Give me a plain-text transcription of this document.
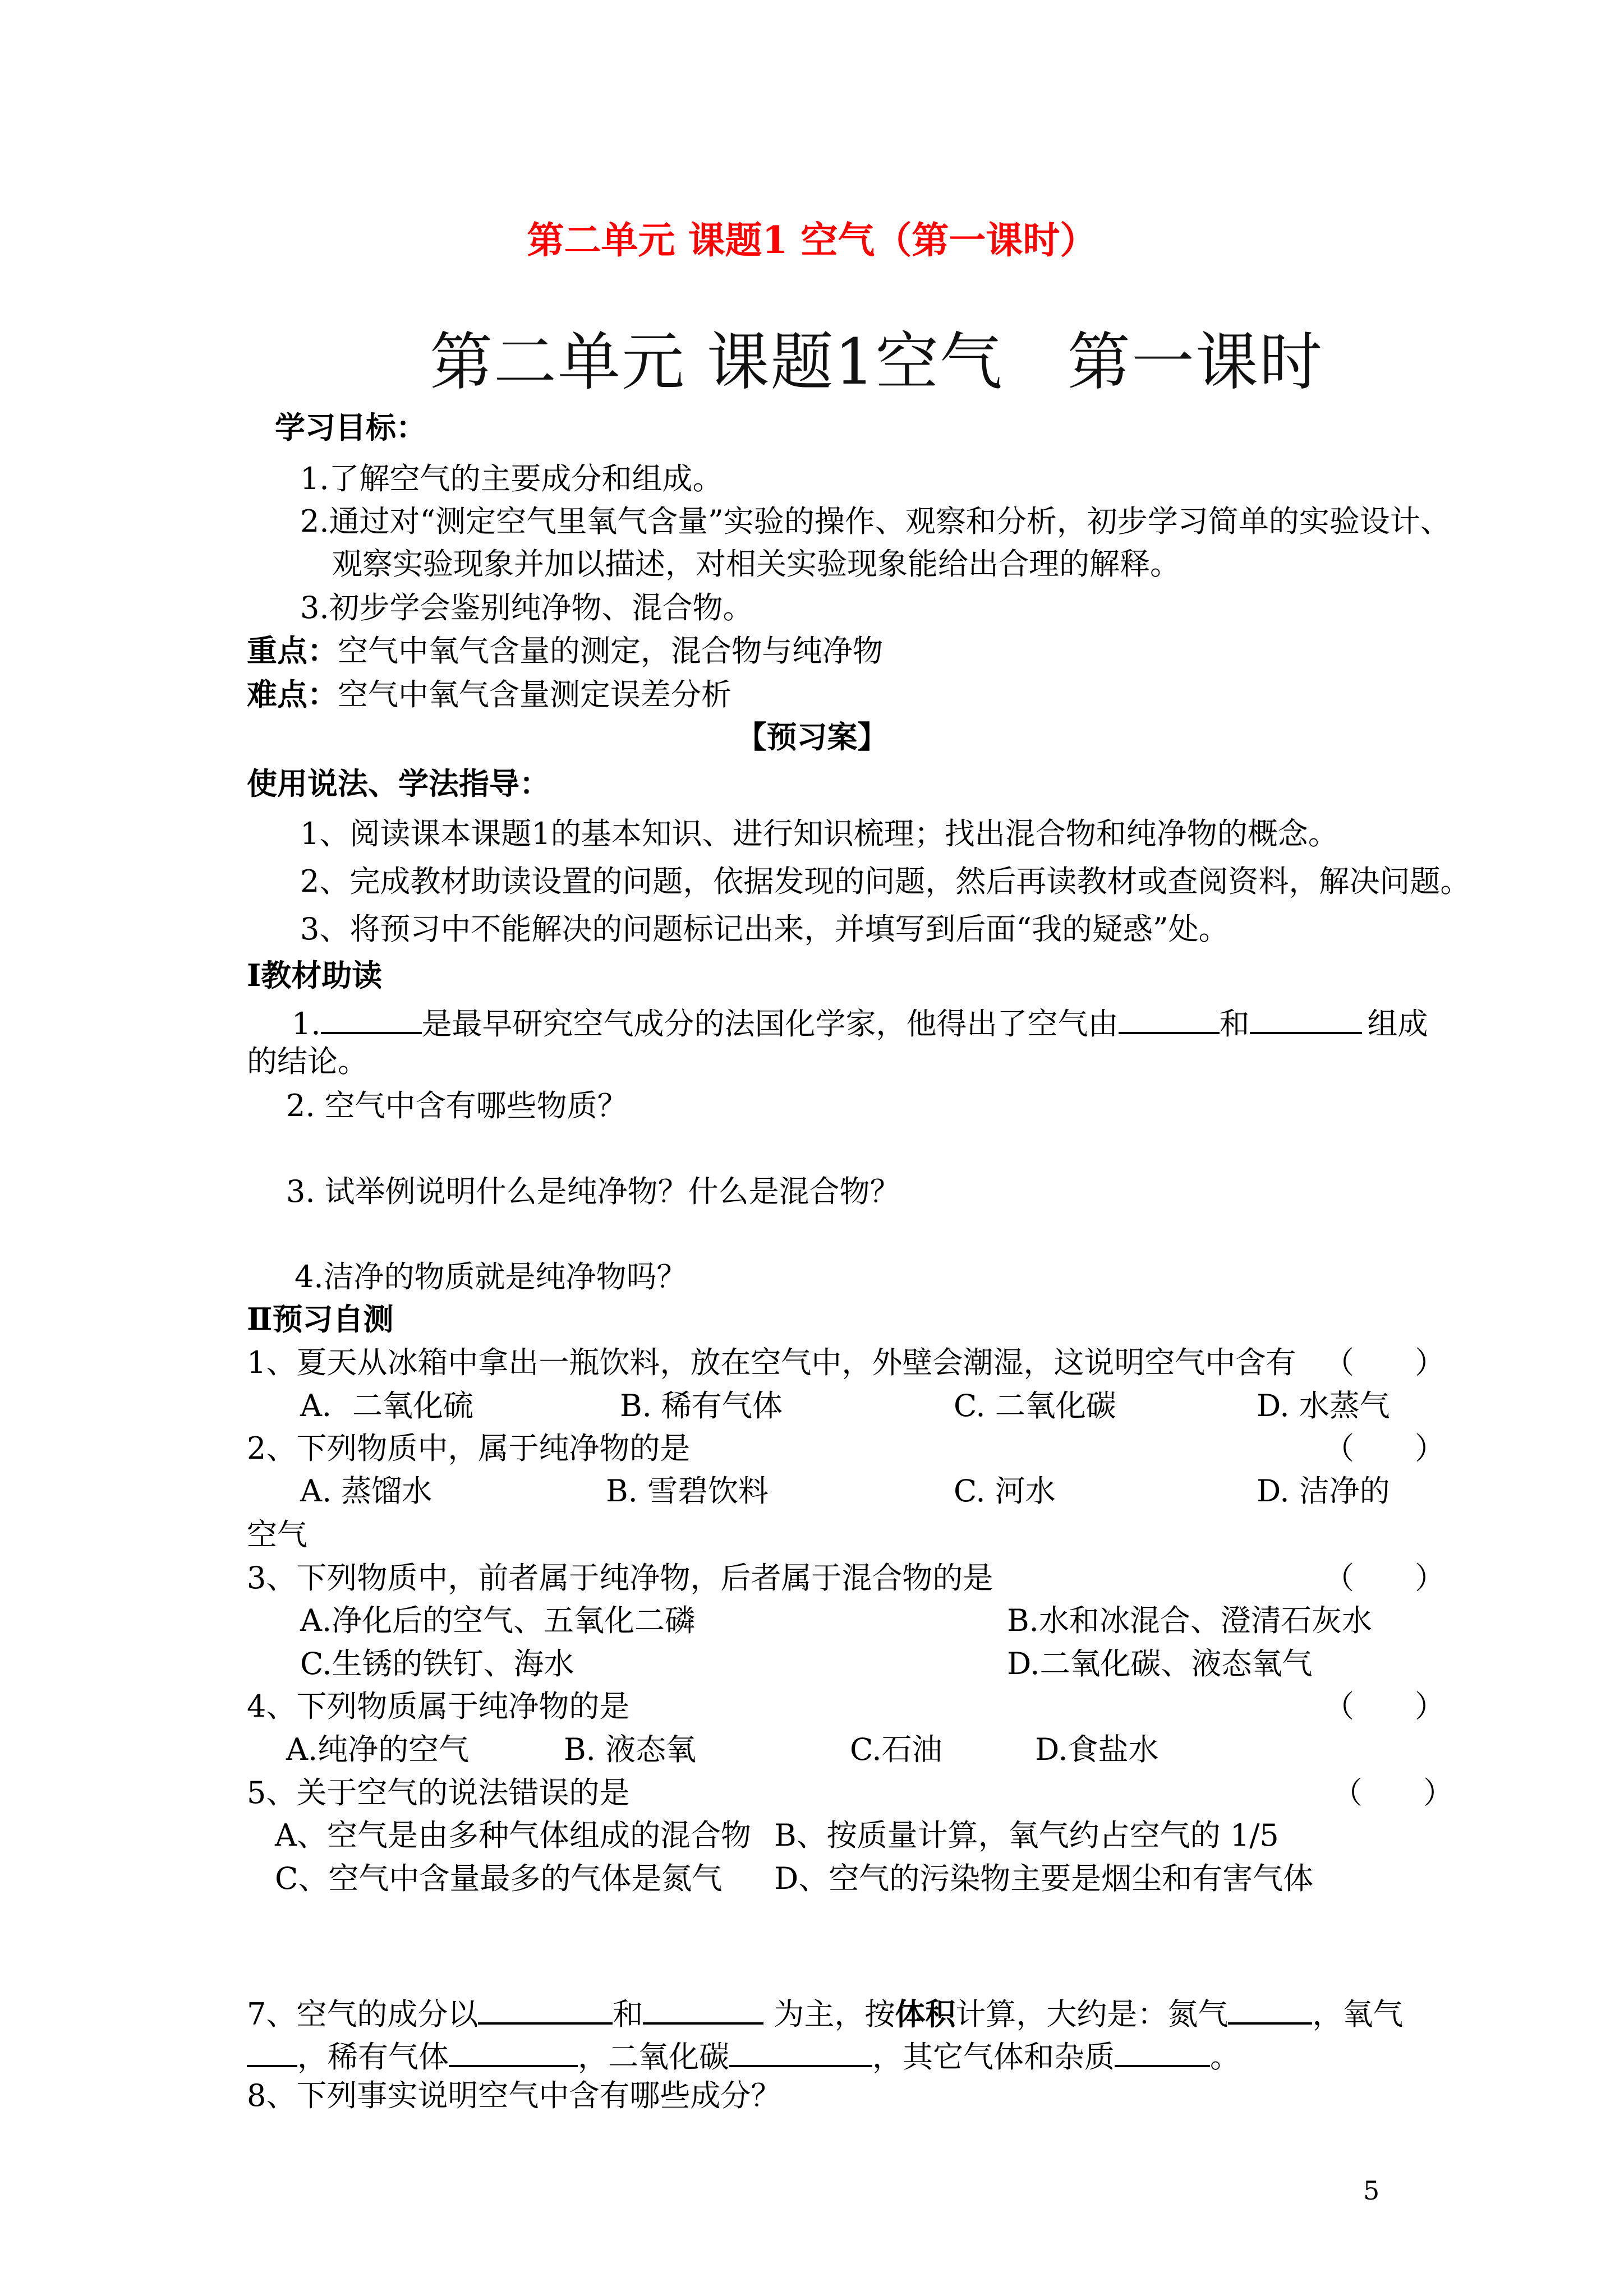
第二单元 课题1 空气（第一课时）
第二单元 课题1空气　第一课时
学习目标：
1.了解空气的主要成分和组成。
2.通过对“测定空气里氧气含量”实验的操作、观察和分析，初步学习简单的实验设计、
观察实验现象并加以描述，对相关实验现象能给出合理的解释。
3.初步学会鉴别纯净物、混合物。
重点：空气中氧气含量的测定，混合物与纯净物
难点：空气中氧气含量测定误差分析
【预习案】
使用说法、学法指导：
1、阅读课本课题1的基本知识、进行知识梳理；找出混合物和纯净物的概念。
2、完成教材助读设置的问题，依据发现的问题，然后再读教材或查阅资料，解决问题。
3、将预习中不能解决的问题标记出来，并填写到后面“我的疑惑”处。
Ⅰ教材助读
1.	是最早研究空气成分的法国化学家，他得出了空气由	和	组成
的结论。
2. 空气中含有哪些物质？
3. 试举例说明什么是纯净物？什么是混合物？
4.洁净的物质就是纯净物吗？
Ⅱ预习自测
1、夏天从冰箱中拿出一瓶饮料，放在空气中，外壁会潮湿，这说明空气中含有 （　　）
A．二氧化硫	B. 稀有气体	C. 二氧化碳	D. 水蒸气
2、下列物质中，属于纯净物的是	（　　）
A. 蒸馏水	B. 雪碧饮料	C. 河水	D. 洁净的
空气
3、下列物质中，前者属于纯净物，后者属于混合物的是	（　　）
A.净化后的空气、五氧化二磷	B.水和冰混合、澄清石灰水
C.生锈的铁钉、海水	D.二氧化碳、液态氧气
4、下列物质属于纯净物的是	（　　）
A.纯净的空气	B. 液态氧	C.石油	D.食盐水
5、关于空气的说法错误的是	（　　）
A、空气是由多种气体组成的混合物 B、按质量计算，氧气约占空气的 1/5
C、空气中含量最多的气体是氮气 D、空气的污染物主要是烟尘和有害气体
7、空气的成分以	和	为主，按体积计算，大约是：氮气	，氧气
，稀有气体	，二氧化碳	，其它气体和杂质	。
8、下列事实说明空气中含有哪些成分？
5
